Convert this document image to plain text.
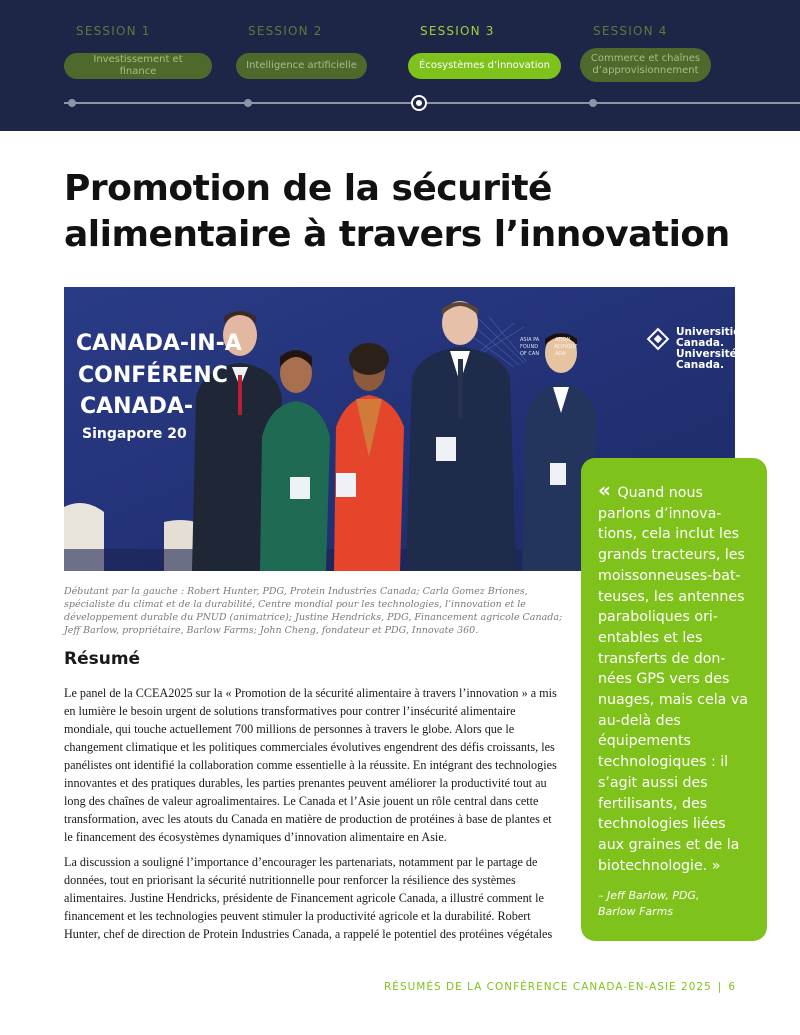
SESSION 1	SESSION 2	SESSION 3	SESSION 4
Investissement et finance
Intelligence artificielle	Écosystèmes d’innovation
Commerce et chaînes d’approvisionnement
Promotion de la sécurité alimentaire à travers l’innovation
CANADA-IN-A
CONFÉRENC
CANADA-
Singapore 20
ASIA PA          ATION
FOUND          ACIFIQUE
OF CAN          ADA
Universities
Canada.
Universités
Canada.
Débutant par la gauche : Robert Hunter, PDG, Protein Industries Canada; Carla Gomez Briones, spécialiste du climat et de la durabilité, Centre mondial pour les technologies, l’innovation et le développement durable du PNUD (animatrice); Justine Hendricks, PDG, Financement agricole Canada; Jeff Barlow, propriétaire, Barlow Farms; John Cheng, fondateur et PDG, Innovate 360.
Résumé

Le panel de la CCEA2025 sur la « Promotion de la sécurité alimentaire à travers l’innovation » a mis en lumière le besoin urgent de solutions transformatives pour contrer l’insécurité alimentaire mondiale, qui touche actuellement 700 millions de personnes à travers le globe. Alors que le changement climatique et les politiques commerciales évolutives engendrent des défis croissants, les panélistes ont identifié la collaboration comme essentielle à la réussite. En intégrant des technologies innovantes et des pratiques durables, les parties prenantes peuvent améliorer la productivité tout au long des chaînes de valeur agroalimentaires. Le Canada et l’Asie jouent un rôle central dans cette transformation, avec les atouts du Canada en matière de production de protéines à base de plantes et le financement des écosystèmes dynamiques d’innovation alimentaire en Asie.

La discussion a souligné l’importance d’encourager les partenariats, notamment par le partage de données, tout en priorisant la sécurité nutritionnelle pour renforcer la résilience des systèmes alimentaires. Justine Hendricks, présidente de Financement agricole Canada, a illustré comment le financement et les technologies peuvent stimuler la productivité agricole et la durabilité. Robert Hunter, chef de direction de Protein Industries Canada, a rappelé le potentiel des protéines végétales

« Quand nous parlons d’innovations, cela inclut les grands tracteurs, les moissonneuses-batteuses, les antennes paraboliques orientables et les transferts de données GPS vers des nuages, mais cela va au-delà des équipements technologiques : il s’agit aussi des fertilisants, des technologies liées aux graines et de la biotechnologie. »
– Jeff Barlow, PDG,
Barlow Farms
RÉSUMÉS DE LA CONFÉRENCE CANADA-EN-ASIE 2025 | 6
